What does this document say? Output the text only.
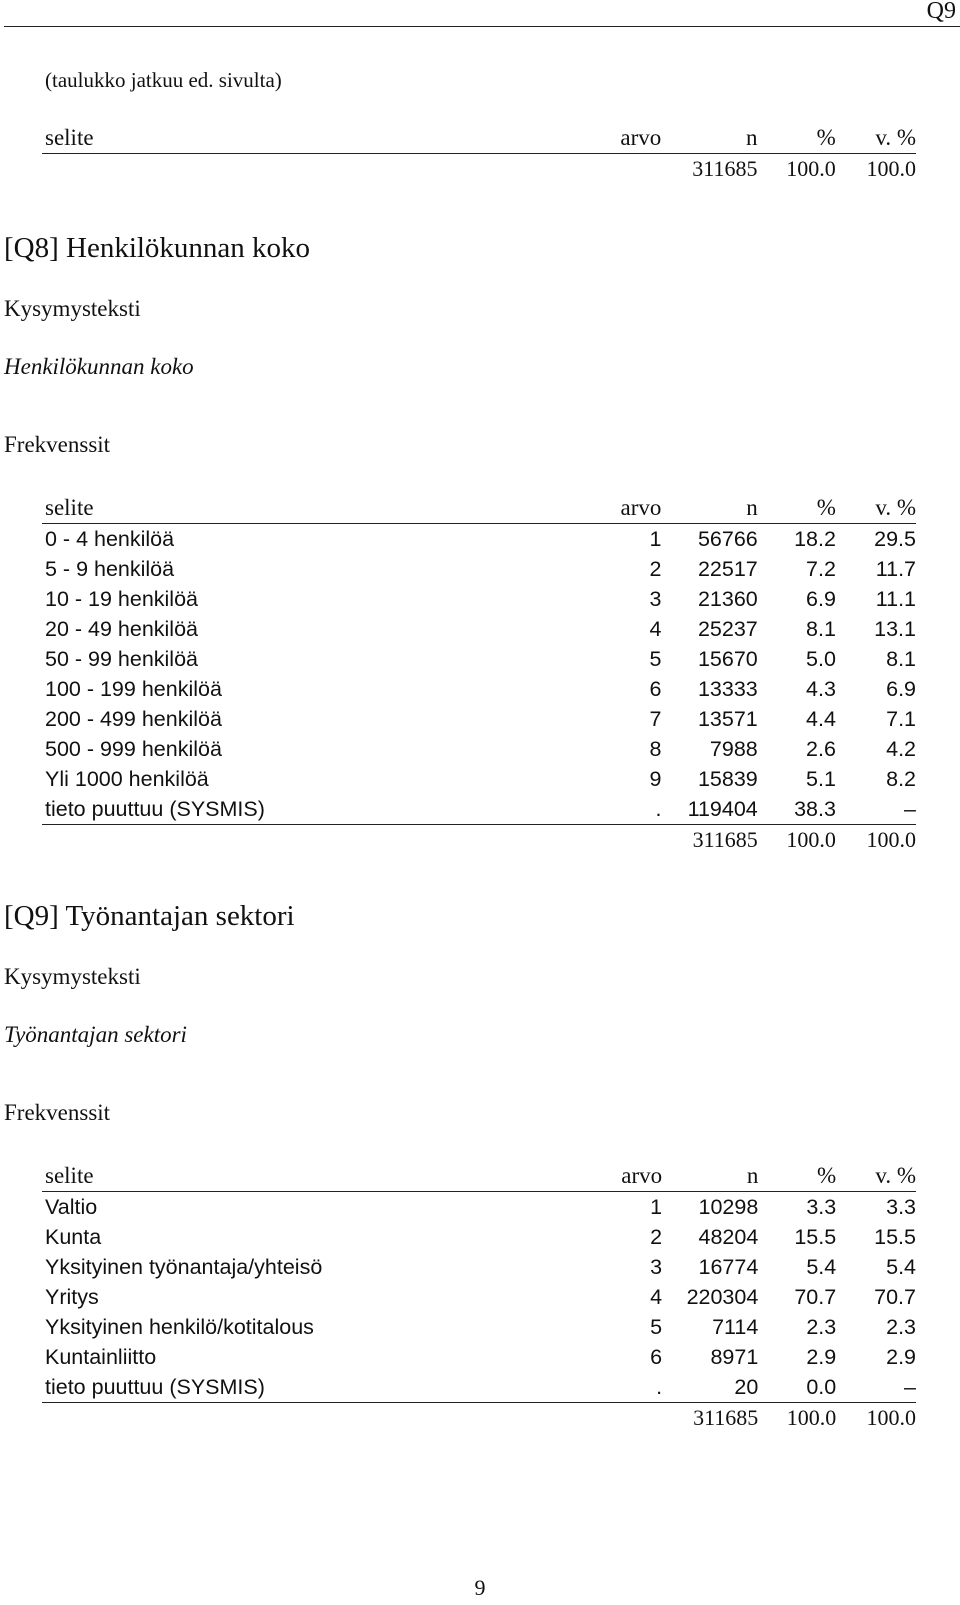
Q9
(taulukko jatkuu ed. sivulta)
selite	arvo	n	%	v. %
		311685	100.0	100.0
[Q8] Henkilökunnan koko
Kysymysteksti
Henkilökunnan koko
Frekvenssit
selite	arvo	n	%	v. %
0 - 4 henkilöä	1	56766	18.2	29.5
5 - 9 henkilöä	2	22517	7.2	11.7
10 - 19 henkilöä	3	21360	6.9	11.1
20 - 49 henkilöä	4	25237	8.1	13.1
50 - 99 henkilöä	5	15670	5.0	8.1
100 - 199 henkilöä	6	13333	4.3	6.9
200 - 499 henkilöä	7	13571	4.4	7.1
500 - 999 henkilöä	8	7988	2.6	4.2
Yli 1000 henkilöä	9	15839	5.1	8.2
tieto puuttuu (SYSMIS)	.	119404	38.3	–
		311685	100.0	100.0
[Q9] Työnantajan sektori
Kysymysteksti
Työnantajan sektori
Frekvenssit
selite	arvo	n	%	v. %
Valtio	1	10298	3.3	3.3
Kunta	2	48204	15.5	15.5
Yksityinen työnantaja/yhteisö	3	16774	5.4	5.4
Yritys	4	220304	70.7	70.7
Yksityinen henkilö/kotitalous	5	7114	2.3	2.3
Kuntainliitto	6	8971	2.9	2.9
tieto puuttuu (SYSMIS)	.	20	0.0	–
		311685	100.0	100.0
9
